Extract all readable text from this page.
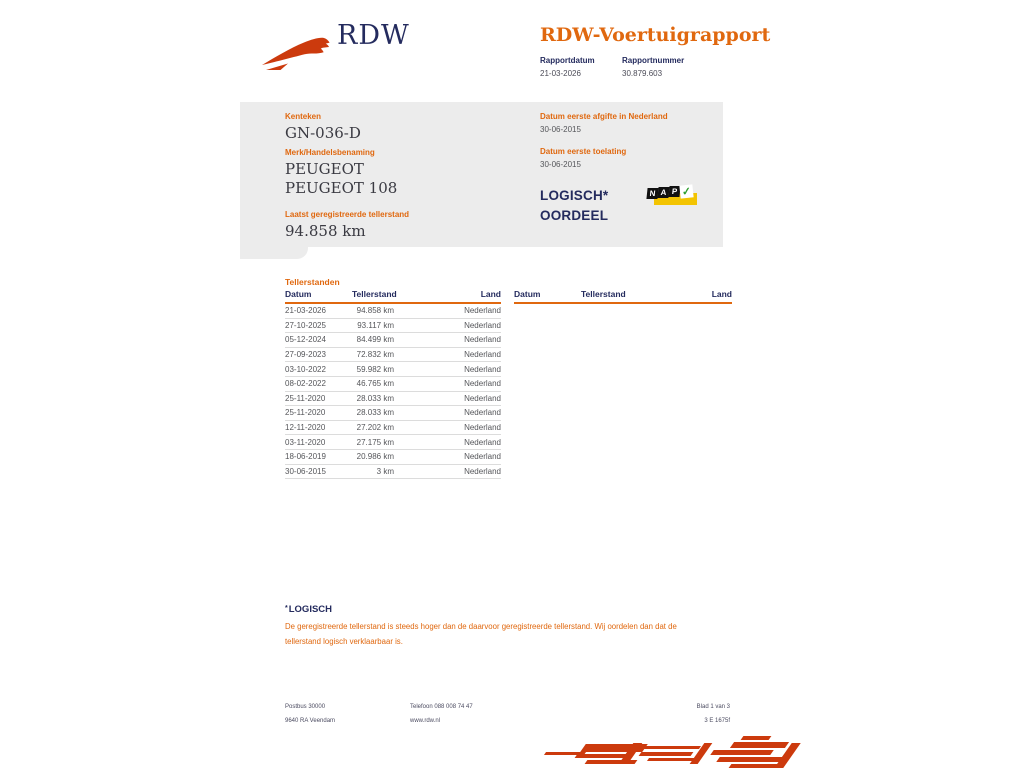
RDW	RDW-Voertuigrapport
Rapportdatum
21-03-2026
Rapportnummer
30.879.603
Kenteken
GN-036-D
Merk/Handelsbenaming
PEUGEOT PEUGEOT 108
Laatst geregistreerde tellerstand
94.858 km
Datum eerste afgifte in Nederland
30-06-2015
Datum eerste toelating
30-06-2015
LOGISCH*
OORDEEL
N A P ✓
Tellerstanden
Datum	Tellerstand	Land
21-03-2026	94.858 km	Nederland
27-10-2025	93.117 km	Nederland
05-12-2024	84.499 km	Nederland
27-09-2023	72.832 km	Nederland
03-10-2022	59.982 km	Nederland
08-02-2022	46.765 km	Nederland
25-11-2020	28.033 km	Nederland
25-11-2020	28.033 km	Nederland
12-11-2020	27.202 km	Nederland
03-11-2020	27.175 km	Nederland
18-06-2019	20.986 km	Nederland
30-06-2015	3 km	Nederland
Datum	Tellerstand	Land
*LOGISCH
De geregistreerde tellerstand is steeds hoger dan de daarvoor geregistreerde tellerstand. Wij oordelen dan dat de tellerstand logisch verklaarbaar is.
Postbus 30000
9640 RA Veendam
Telefoon 088 008 74 47
www.rdw.nl
Blad 1 van 3
3 E 1675f
